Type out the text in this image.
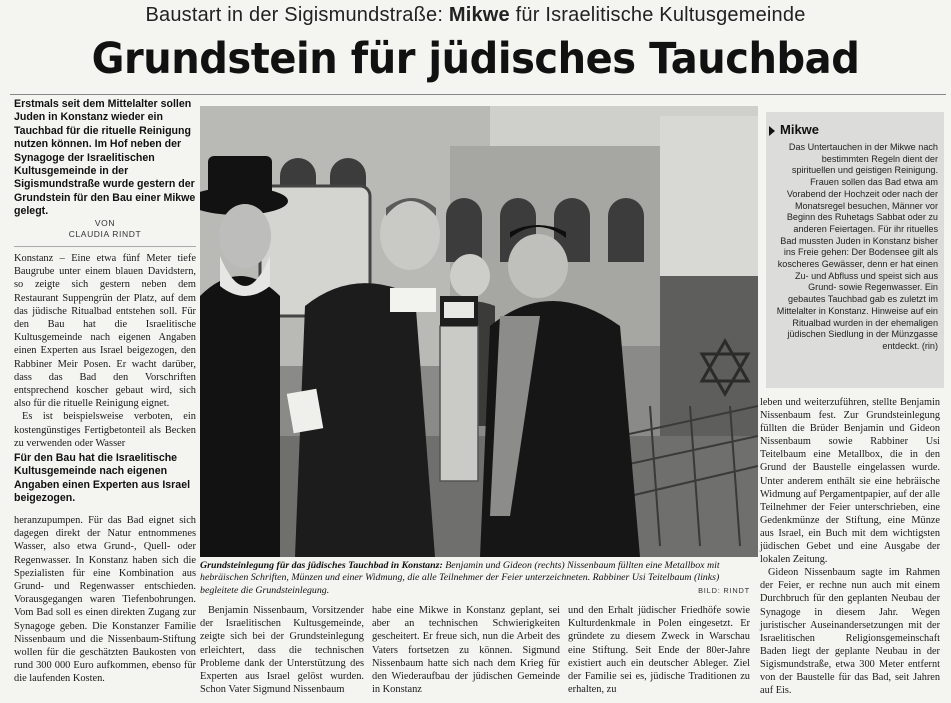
Baustart in der Sigismundstraße: Mikwe für Israelitische Kultusgemeinde
Grundstein für jüdisches Tauchbad
Erstmals seit dem Mittelalter sollen Juden in Konstanz wieder ein Tauchbad für die rituelle Reinigung nutzen können. Im Hof neben der Synagoge der Israelitischen Kultusgemeinde in der Sigismundstraße wurde gestern der Grundstein für den Bau einer Mikwe gelegt.
VON
CLAUDIA RINDT

Konstanz – Eine etwa fünf Meter tiefe Baugrube unter einem blauen Davidstern, so zeigte sich gestern neben dem Restaurant Suppengrün der Platz, auf dem das jüdische Ritualbad entstehen soll. Für den Bau hat die Israelitische Kultusgemeinde nach eigenen Angaben einen Experten aus Israel beigezogen, den Rabbiner Meir Posen. Er wacht darüber, dass das Bad den Vorschriften entsprechend koscher gebaut wird, sich also für die rituelle Reinigung eignet.

Es ist beispielsweise verboten, ein kostengünstiges Fertigbetonteil als Becken zu verwenden oder Wasser

Für den Bau hat die Israelitische Kultusgemeinde nach eigenen Angaben einen Experten aus Israel beigezogen.

heranzupumpen. Für das Bad eignet sich dagegen direkt der Natur entnommenes Wasser, also etwa Grund-, Quell- oder Regenwasser. In Konstanz haben sich die Spezialisten für eine Kombination aus Grund- und Regenwasser entschieden. Vorausgegangen waren Tiefenbohrungen. Vom Bad soll es einen direkten Zugang zur Synagoge geben. Die Konstanzer Familie Nissenbaum und die Nissenbaum-Stiftung wollen für die geschätzten Baukosten von rund 300 000 Euro aufkommen, ebenso für die laufenden Kosten.

Grundsteinlegung für das jüdisches Tauchbad in Konstanz: Benjamin und Gideon (rechts) Nissenbaum füllten eine Metallbox mit hebräischen Schriften, Münzen und einer Widmung, die alle Teilnehmer der Feier unterzeichneten. Rabbiner Usi Teitelbaum (links) begleitete die Grundsteinlegung.	BILD: RINDT

Benjamin Nissenbaum, Vorsitzender der Israelitischen Kultusgemeinde, zeigte sich bei der Grundsteinlegung erleichtert, dass die technischen Probleme dank der Unterstützung des Experten aus Israel gelöst wurden. Schon Vater Sigmund Nissenbaum

habe eine Mikwe in Konstanz geplant, sei aber an technischen Schwierigkeiten gescheitert. Er freue sich, nun die Arbeit des Vaters fortsetzen zu können. Sigmund Nissenbaum hatte sich nach dem Krieg für den Wiederaufbau der jüdischen Gemeinde in Konstanz

und den Erhalt jüdischer Friedhöfe sowie Kulturdenkmale in Polen eingesetzt. Er gründete zu diesem Zweck in Warschau eine Stiftung. Seit Ende der 80er-Jahre existiert auch ein deutscher Ableger. Ziel der Familie sei es, jüdische Traditionen zu erhalten, zu

leben und weiterzuführen, stellte Benjamin Nissenbaum fest. Zur Grundsteinlegung füllten die Brüder Benjamin und Gideon Nissenbaum sowie Rabbiner Usi Teitelbaum eine Metallbox, die in den Grund der Baustelle eingelassen wurde. Unter anderem enthält sie eine hebräische Widmung auf Pergamentpapier, auf der alle Teilnehmer der Feier unterschrieben, eine Gedenkmünze der Stiftung, eine Münze aus Israel, ein Buch mit dem wichtigsten jüdischen Gebet und eine Ausgabe der lokalen Zeitung.

Gideon Nissenbaum sagte im Rahmen der Feier, er rechne nun auch mit einem Durchbruch für den geplanten Neubau der Synagoge in diesem Jahr. Wegen juristischer Auseinandersetzungen mit der Israelitischen Religionsgemeinschaft Baden liegt der geplante Neubau in der Sigismundstraße, etwa 300 Meter entfernt von der Baustelle für das Bad, seit Jahren auf Eis.

Mikwe
Das Untertauchen in der Mikwe nach bestimmten Regeln dient der spirituellen und geistigen Reinigung. Frauen sollen das Bad etwa am Vorabend der Hochzeit oder nach der Monatsregel besuchen, Männer vor Beginn des Ruhetags Sabbat oder zu anderen Feiertagen. Für ihr rituelles Bad mussten Juden in Konstanz bisher ins Freie gehen: Der Bodensee gilt als koscheres Gewässer, denn er hat einen Zu- und Abfluss und speist sich aus Grund- sowie Regenwasser. Ein gebautes Tauchbad gab es zuletzt im Mittelalter in Konstanz. Hinweise auf ein Ritualbad wurden in der ehemaligen jüdischen Siedlung in der Münzgasse entdeckt. (rin)
